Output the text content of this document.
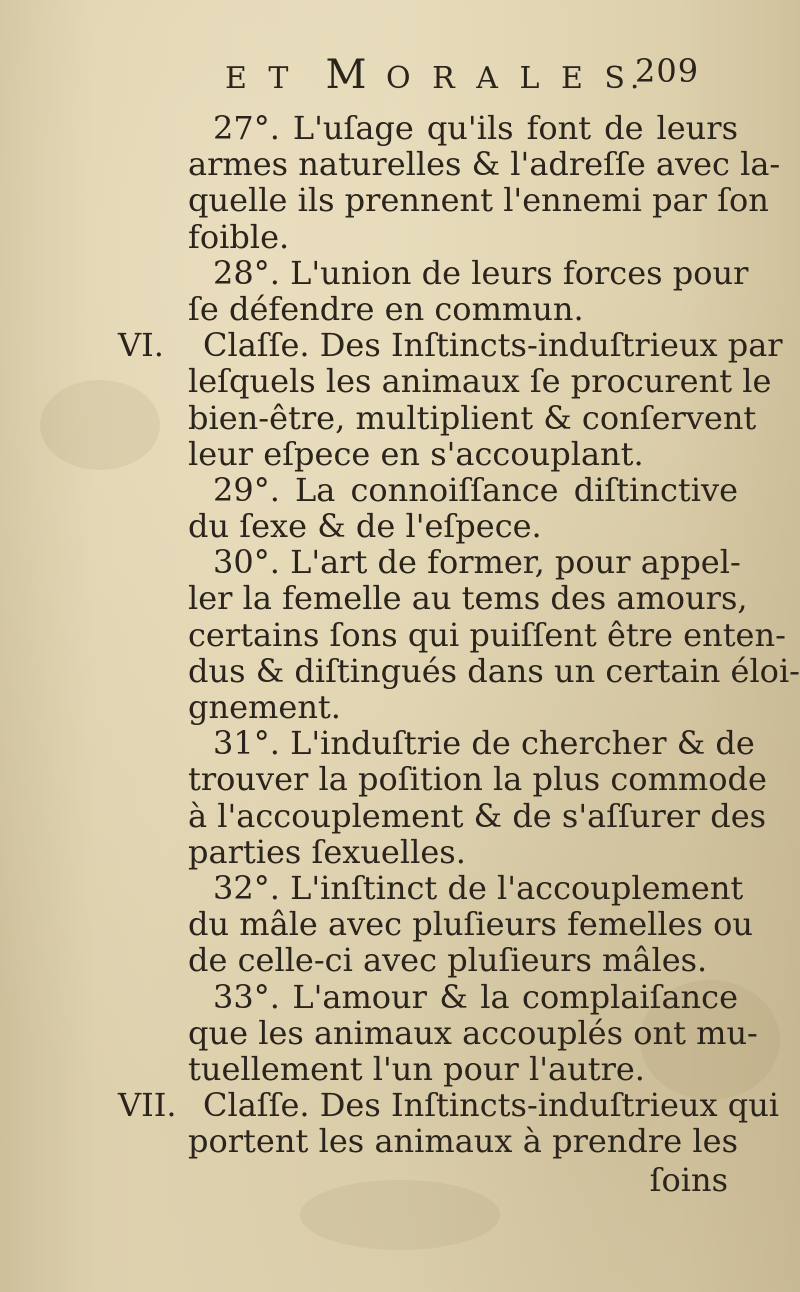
E T M O R A L E S.
209
27°. L'uſage qu'ils font de leurs
armes naturelles & l'adreſſe avec la-
quelle ils prennent l'ennemi par ſon
foible.
28°. L'union de leurs forces pour
ſe défendre en commun.
VI. Claſſe. Des Inſtincts-induſtrieux par
leſquels les animaux ſe procurent le
bien-être, multiplient & conſervent
leur eſpece en s'accouplant.
29°. La connoiſſance diſtinctive
du ſexe & de l'eſpece.
30°. L'art de former, pour appel-
ler la femelle au tems des amours,
certains ſons qui puiſſent être enten-
dus & diſtingués dans un certain éloi-
gnement.
31°. L'induſtrie de chercher & de
trouver la poſition la plus commode
à l'accouplement & de s'aſſurer des
parties ſexuelles.
32°. L'inſtinct de l'accouplement
du mâle avec pluſieurs femelles ou
de celle-ci avec pluſieurs mâles.
33°. L'amour & la complaiſance
que les animaux accouplés ont mu-
tuellement l'un pour l'autre.
VII. Claſſe. Des Inſtincts-induſtrieux qui
portent les animaux à prendre les
ſoins
